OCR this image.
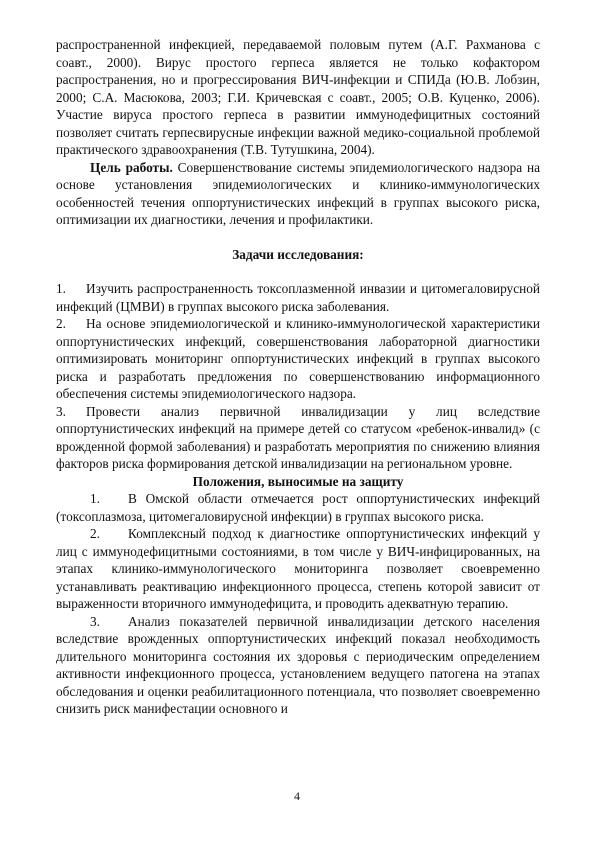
распространенной инфекцией, передаваемой половым путем (А.Г. Рахманова с соавт., 2000). Вирус простого герпеса является не только кофактором распространения, но и прогрессирования ВИЧ-инфекции и СПИДа (Ю.В. Лобзин, 2000; С.А. Масюкова, 2003; Г.И. Кричевская с соавт., 2005; О.В. Куценко, 2006). Участие вируса простого герпеса в развитии иммунодефицитных состояний позволяет считать герпесвирусные инфекции важной медико-социальной проблемой практического здравоохранения (Т.В. Тутушкина, 2004).

Цель работы. Совершенствование системы эпидемиологического надзора на основе установления эпидемиологических и клинико-иммунологических особенностей течения оппортунистических инфекций в группах высокого риска, оптимизации их диагностики, лечения и профилактики.

Задачи исследования:

1. Изучить распространенность токсоплазменной инвазии и цитомегаловирусной инфекций (ЦМВИ) в группах высокого риска заболевания.

2. На основе эпидемиологической и клинико-иммунологической характеристики оппортунистических инфекций, совершенствования лабораторной диагностики оптимизировать мониторинг оппортунистических инфекций в группах высокого риска и разработать предложения по совершенствованию информационного обеспечения системы эпидемиологического надзора.

3. Провести анализ первичной инвалидизации у лиц вследствие оппортунистических инфекций на примере детей со статусом «ребенок-инвалид» (с врожденной формой заболевания) и разработать мероприятия по снижению влияния факторов риска формирования детской инвалидизации на региональном уровне.

Положения, выносимые на защиту

1. В Омской области отмечается рост оппортунистических инфекций (токсоплазмоза, цитомегаловирусной инфекции) в группах высокого риска.

2. Комплексный подход к диагностике оппортунистических инфекций у лиц с иммунодефицитными состояниями, в том числе у ВИЧ-инфицированных, на этапах клинико-иммунологического мониторинга позволяет своевременно устанавливать реактивацию инфекционного процесса, степень которой зависит от выраженности вторичного иммунодефицита, и проводить адекватную терапию.

3. Анализ показателей первичной инвалидизации детского населения вследствие врожденных оппортунистических инфекций показал необходимость длительного мониторинга состояния их здоровья с периодическим определением активности инфекционного процесса, установлением ведущего патогена на этапах обследования и оценки реабилитационного потенциала, что позволяет своевременно снизить риск манифестации основного и

4
